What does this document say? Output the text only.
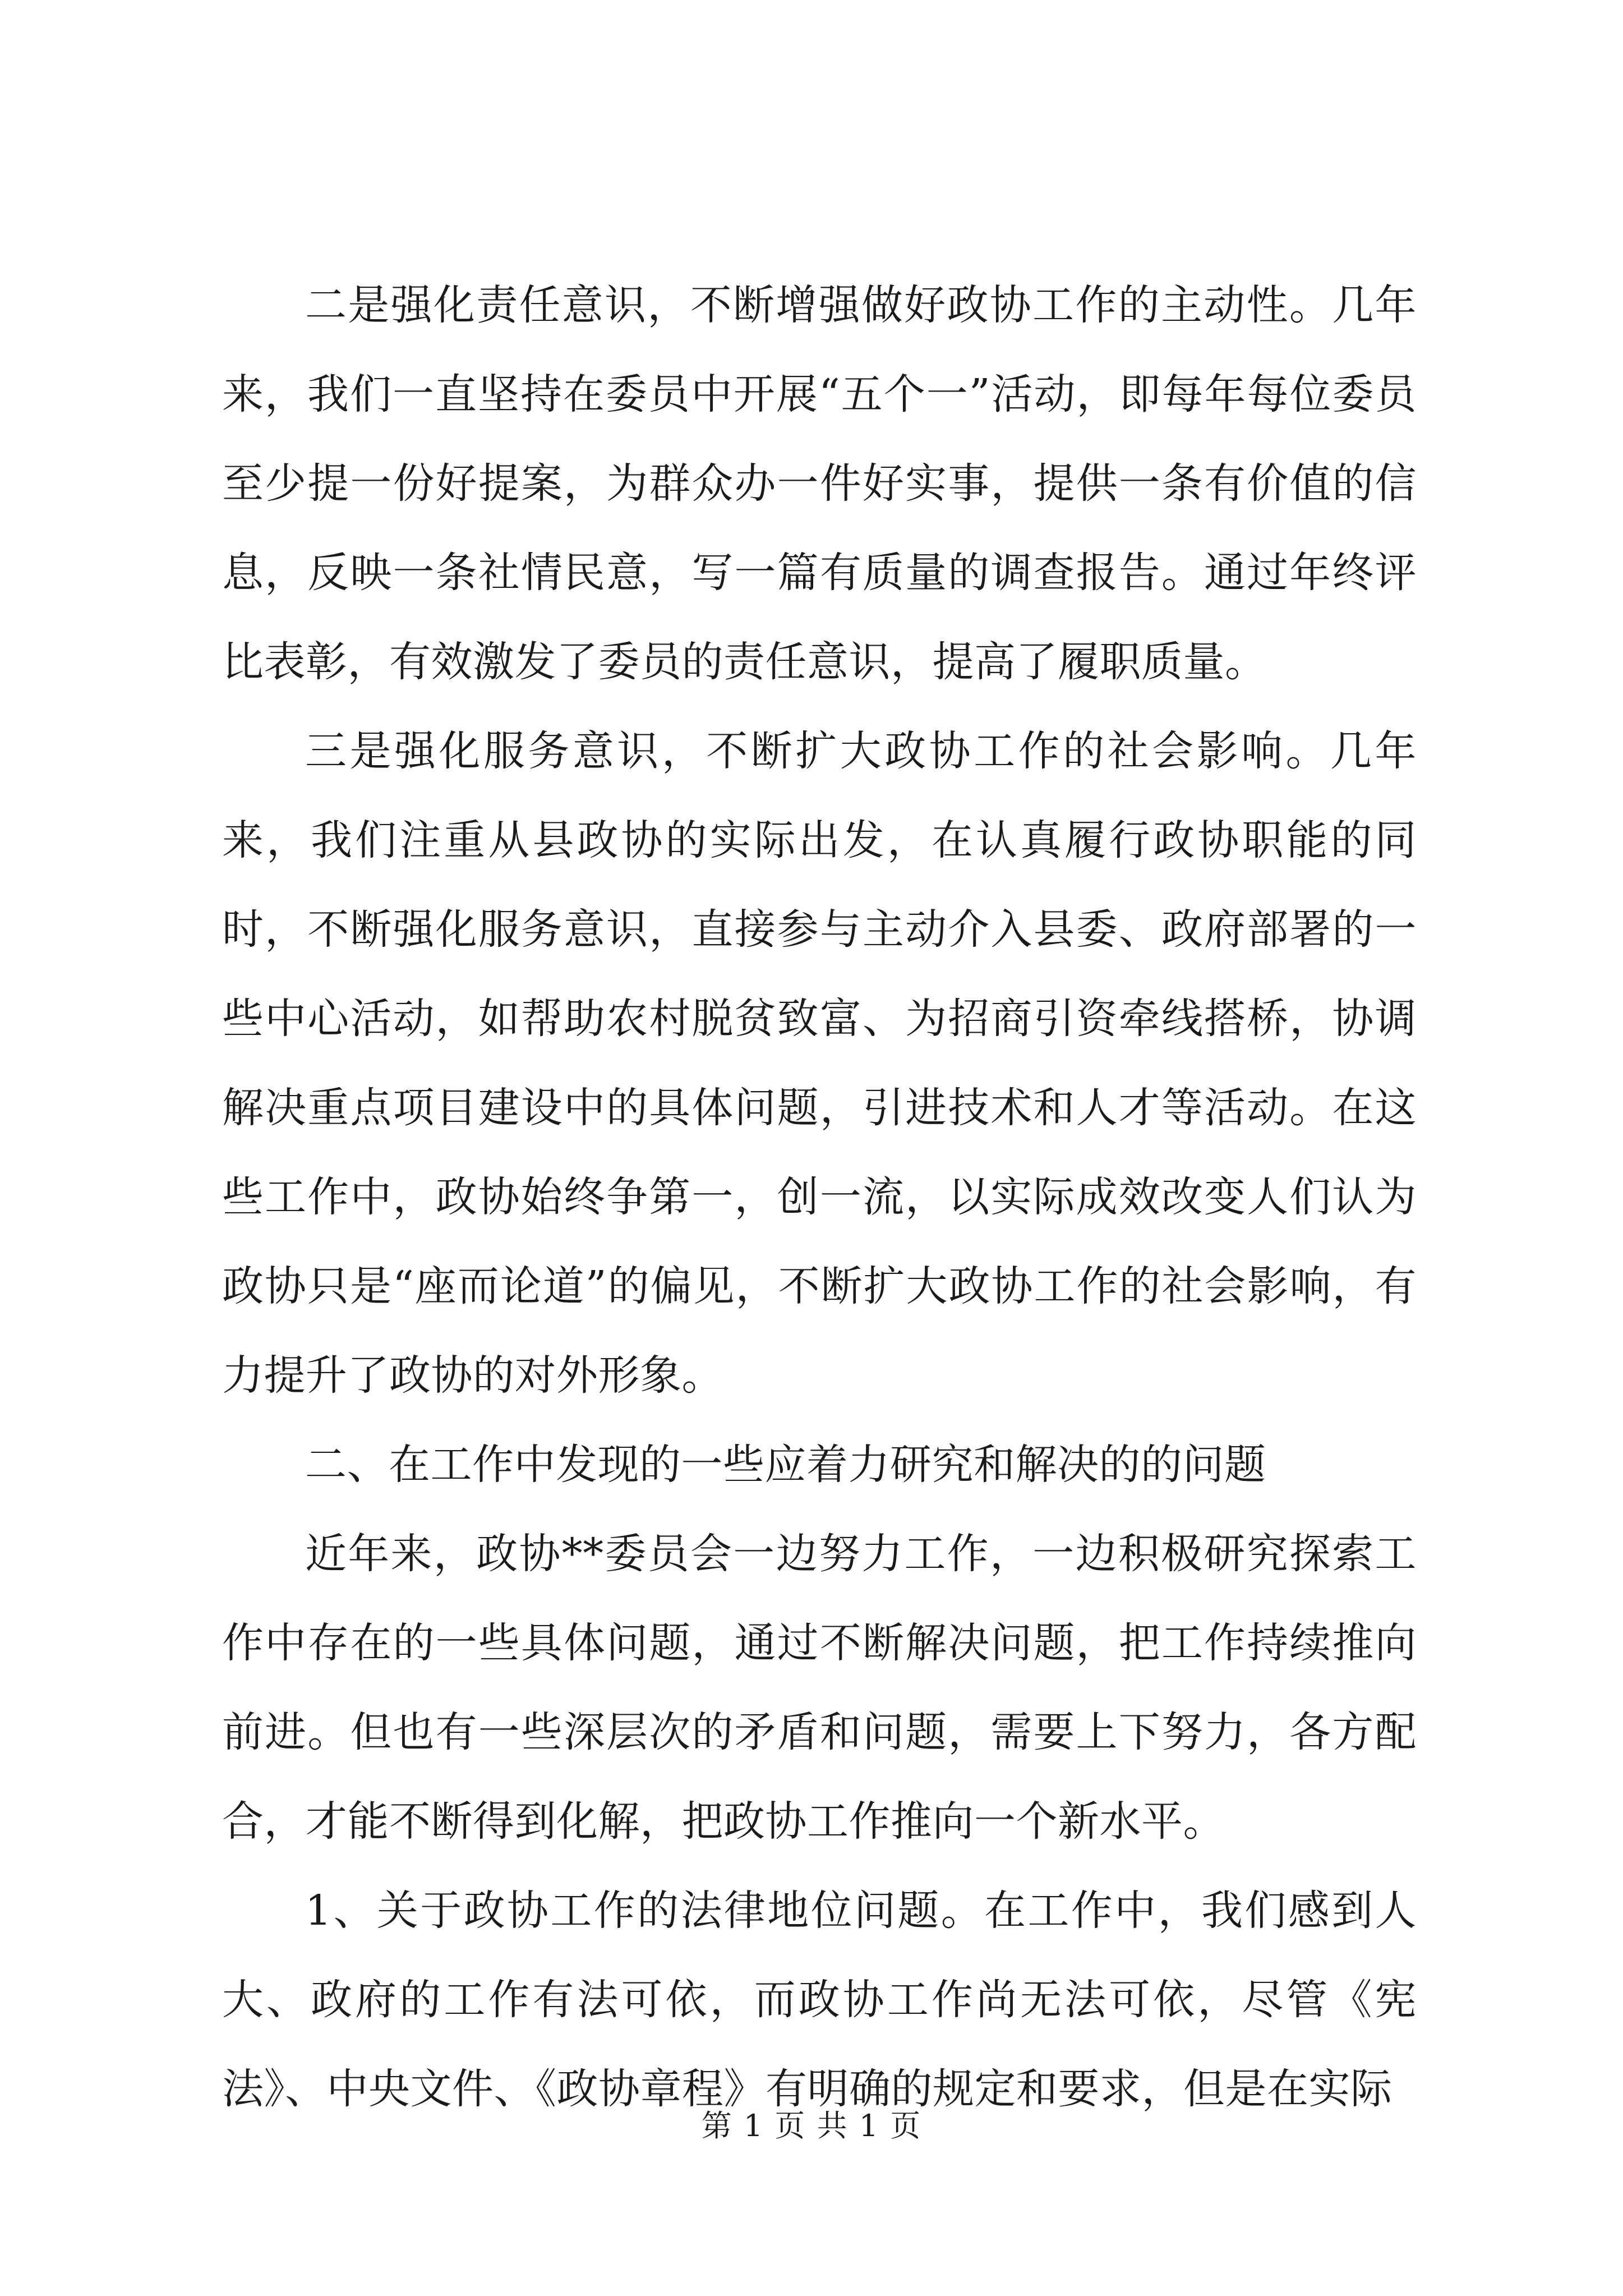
二是强化责任意识，不断增强做好政协工作的主动性。几年来，我们一直坚持在委员中开展“五个一”活动，即每年每位委员至少提一份好提案，为群众办一件好实事，提供一条有价值的信息，反映一条社情民意，写一篇有质量的调查报告。通过年终评比表彰，有效激发了委员的责任意识，提高了履职质量。

三是强化服务意识，不断扩大政协工作的社会影响。几年来，我们注重从县政协的实际出发，在认真履行政协职能的同时，不断强化服务意识，直接参与主动介入县委、政府部署的一些中心活动，如帮助农村脱贫致富、为招商引资牵线搭桥，协调解决重点项目建设中的具体问题，引进技术和人才等活动。在这些工作中，政协始终争第一，创一流，以实际成效改变人们认为政协只是“座而论道”的偏见，不断扩大政协工作的社会影响，有力提升了政协的对外形象。

二、在工作中发现的一些应着力研究和解决的的问题

近年来，政协**委员会一边努力工作，一边积极研究探索工作中存在的一些具体问题，通过不断解决问题，把工作持续推向前进。但也有一些深层次的矛盾和问题，需要上下努力，各方配合，才能不断得到化解，把政协工作推向一个新水平。

1、关于政协工作的法律地位问题。在工作中，我们感到人大、政府的工作有法可依，而政协工作尚无法可依，尽管《宪法》、中央文件、《政协章程》有明确的规定和要求，但是在实际

第 1 页 共 1 页
